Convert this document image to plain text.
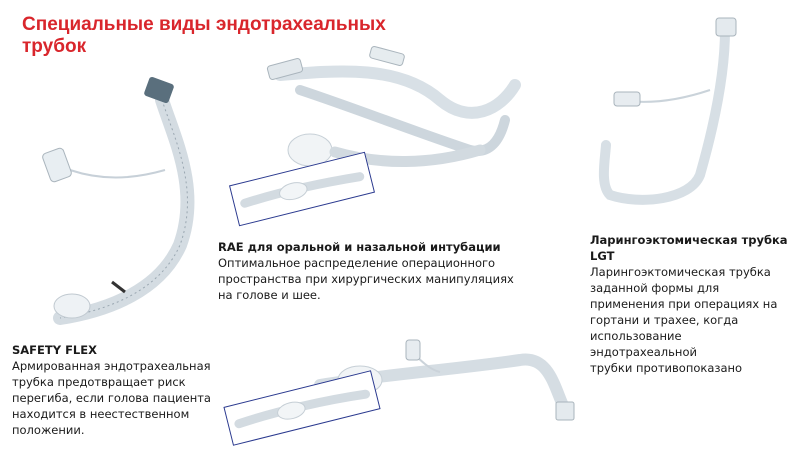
Специальные виды эндотрахеальных
трубок
SAFETY FLEX
Армированная эндотрахеальная
трубка предотвращает риск
перегиба, если голова пациента
находится в неестественном
положении.
RAE для оральной и назальной интубации
Оптимальное распределение операционного
пространства при хирургических манипуляциях
на голове и шее.
Ларингоэктомическая трубка
LGT
Ларингоэктомическая трубка
заданной формы для
применения при операциях на
гортани и трахее, когда
использование
эндотрахеальной
трубки противопоказано
